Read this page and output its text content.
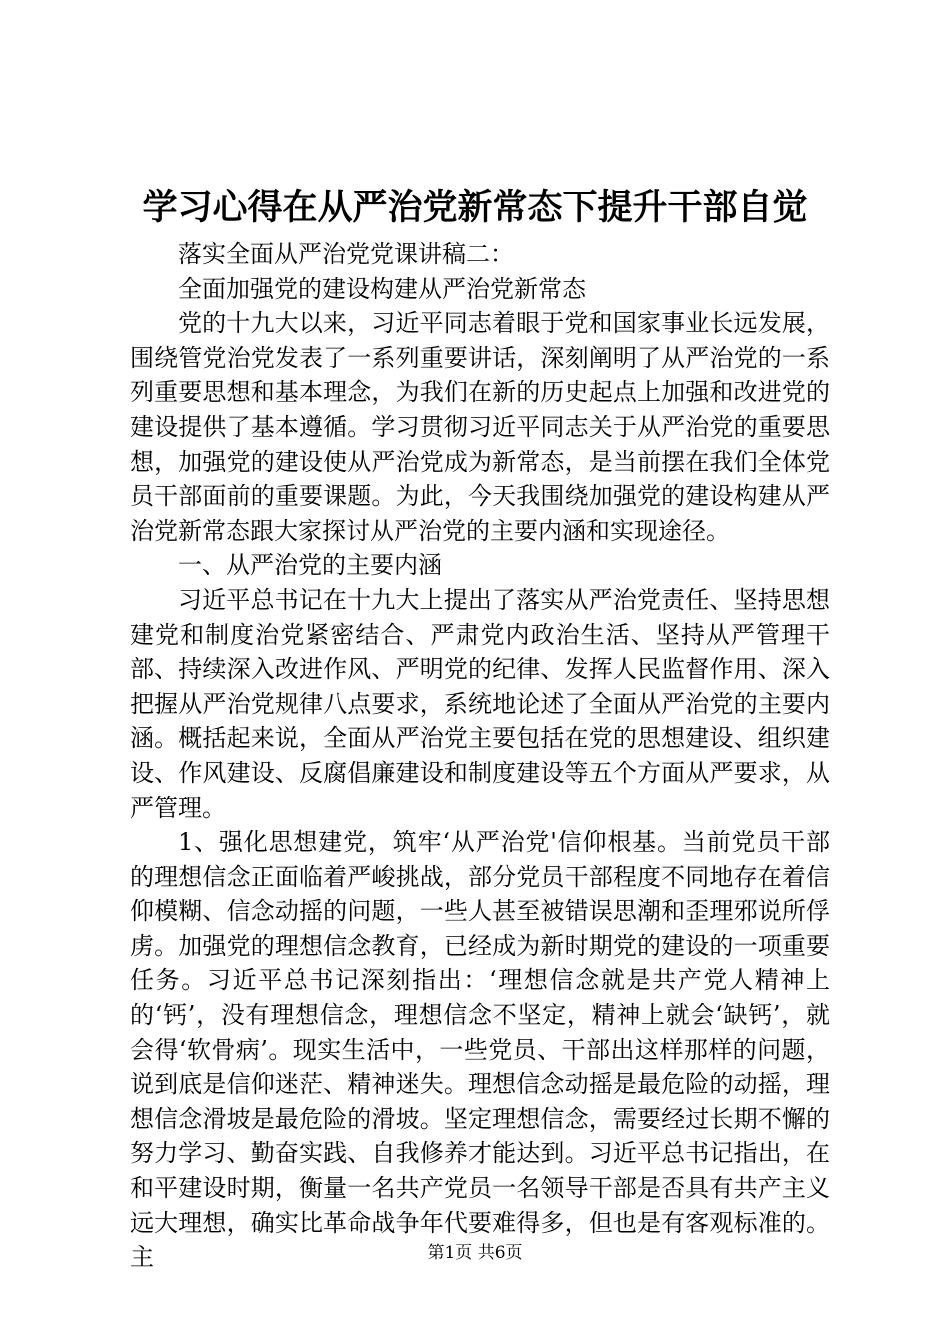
学习心得在从严治党新常态下提升干部自觉

落实全面从严治党党课讲稿二：

全面加强党的建设构建从严治党新常态

党的十九大以来，习近平同志着眼于党和国家事业长远发展，围绕管党治党发表了一系列重要讲话，深刻阐明了从严治党的一系列重要思想和基本理念，为我们在新的历史起点上加强和改进党的建设提供了基本遵循。学习贯彻习近平同志关于从严治党的重要思想，加强党的建设使从严治党成为新常态，是当前摆在我们全体党员干部面前的重要课题。为此，今天我围绕加强党的建设构建从严治党新常态跟大家探讨从严治党的主要内涵和实现途径。

一、从严治党的主要内涵

习近平总书记在十九大上提出了落实从严治党责任、坚持思想建党和制度治党紧密结合、严肃党内政治生活、坚持从严管理干部、持续深入改进作风、严明党的纪律、发挥人民监督作用、深入把握从严治党规律八点要求，系统地论述了全面从严治党的主要内涵。概括起来说，全面从严治党主要包括在党的思想建设、组织建设、作风建设、反腐倡廉建设和制度建设等五个方面从严要求，从严管理。

1、强化思想建党，筑牢‘从严治党'信仰根基。当前党员干部的理想信念正面临着严峻挑战，部分党员干部程度不同地存在着信仰模糊、信念动摇的问题，一些人甚至被错误思潮和歪理邪说所俘虏。加强党的理想信念教育，已经成为新时期党的建设的一项重要任务。习近平总书记深刻指出：‘理想信念就是共产党人精神上的‘钙’，没有理想信念，理想信念不坚定，精神上就会‘缺钙’，就会得‘软骨病’。现实生活中，一些党员、干部出这样那样的问题，说到底是信仰迷茫、精神迷失。理想信念动摇是最危险的动摇，理想信念滑坡是最危险的滑坡。坚定理想信念，需要经过长期不懈的努力学习、勤奋实践、自我修养才能达到。习近平总书记指出，在和平建设时期，衡量一名共产党员一名领导干部是否具有共产主义远大理想，确实比革命战争年代要难得多，但也是有客观标准的。主	第1页 共6页
